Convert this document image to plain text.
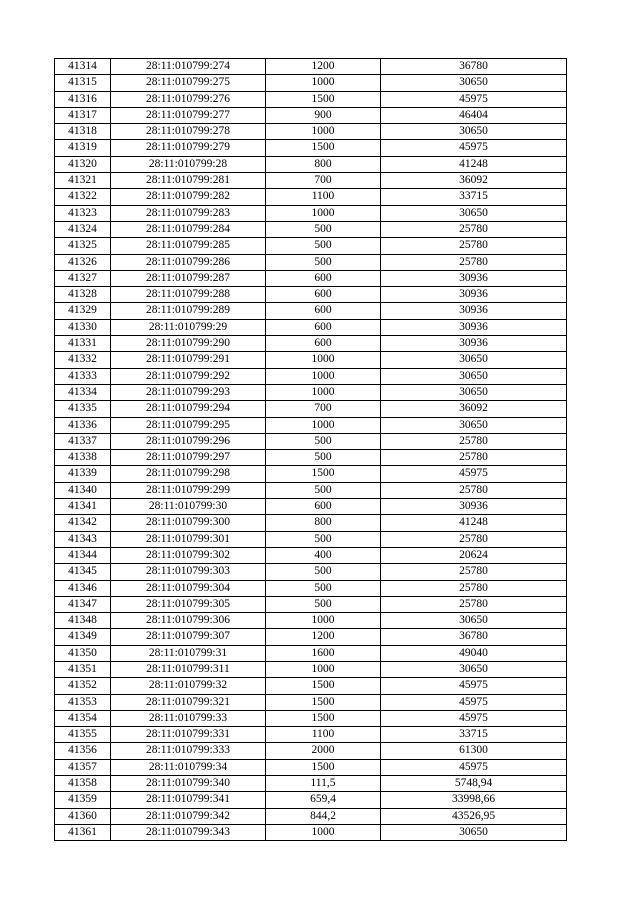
41314	28:11:010799:274	1200	36780
41315	28:11:010799:275	1000	30650
41316	28:11:010799:276	1500	45975
41317	28:11:010799:277	900	46404
41318	28:11:010799:278	1000	30650
41319	28:11:010799:279	1500	45975
41320	28:11:010799:28	800	41248
41321	28:11:010799:281	700	36092
41322	28:11:010799:282	1100	33715
41323	28:11:010799:283	1000	30650
41324	28:11:010799:284	500	25780
41325	28:11:010799:285	500	25780
41326	28:11:010799:286	500	25780
41327	28:11:010799:287	600	30936
41328	28:11:010799:288	600	30936
41329	28:11:010799:289	600	30936
41330	28:11:010799:29	600	30936
41331	28:11:010799:290	600	30936
41332	28:11:010799:291	1000	30650
41333	28:11:010799:292	1000	30650
41334	28:11:010799:293	1000	30650
41335	28:11:010799:294	700	36092
41336	28:11:010799:295	1000	30650
41337	28:11:010799:296	500	25780
41338	28:11:010799:297	500	25780
41339	28:11:010799:298	1500	45975
41340	28:11:010799:299	500	25780
41341	28:11:010799:30	600	30936
41342	28:11:010799:300	800	41248
41343	28:11:010799:301	500	25780
41344	28:11:010799:302	400	20624
41345	28:11:010799:303	500	25780
41346	28:11:010799:304	500	25780
41347	28:11:010799:305	500	25780
41348	28:11:010799:306	1000	30650
41349	28:11:010799:307	1200	36780
41350	28:11:010799:31	1600	49040
41351	28:11:010799:311	1000	30650
41352	28:11:010799:32	1500	45975
41353	28:11:010799:321	1500	45975
41354	28:11:010799:33	1500	45975
41355	28:11:010799:331	1100	33715
41356	28:11:010799:333	2000	61300
41357	28:11:010799:34	1500	45975
41358	28:11:010799:340	111,5	5748,94
41359	28:11:010799:341	659,4	33998,66
41360	28:11:010799:342	844,2	43526,95
41361	28:11:010799:343	1000	30650
